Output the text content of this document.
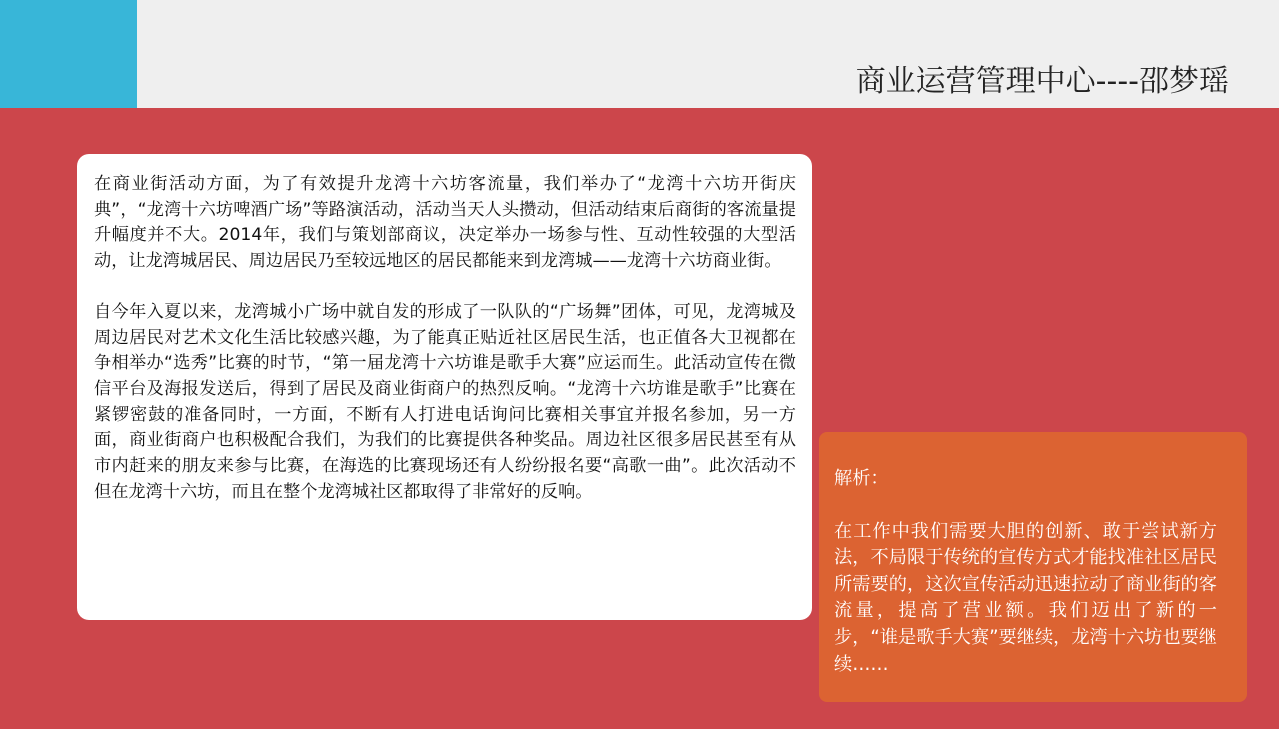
商业运营管理中心----邵梦瑶

在商业街活动方面，为了有效提升龙湾十六坊客流量，我们举办了“龙湾十六坊开街庆典”，“龙湾十六坊啤酒广场”等路演活动，活动当天人头攒动，但活动结束后商街的客流量提升幅度并不大。2014年，我们与策划部商议，决定举办一场参与性、互动性较强的大型活动，让龙湾城居民、周边居民乃至较远地区的居民都能来到龙湾城——龙湾十六坊商业街。

自今年入夏以来，龙湾城小广场中就自发的形成了一队队的“广场舞”团体，可见，龙湾城及周边居民对艺术文化生活比较感兴趣，为了能真正贴近社区居民生活，也正值各大卫视都在争相举办“选秀”比赛的时节，“第一届龙湾十六坊谁是歌手大赛”应运而生。此活动宣传在微信平台及海报发送后，得到了居民及商业街商户的热烈反响。“龙湾十六坊谁是歌手”比赛在紧锣密鼓的准备同时，一方面，不断有人打进电话询问比赛相关事宜并报名参加，另一方面，商业街商户也积极配合我们，为我们的比赛提供各种奖品。周边社区很多居民甚至有从市内赶来的朋友来参与比赛，在海选的比赛现场还有人纷纷报名要“高歌一曲”。此次活动不但在龙湾十六坊，而且在整个龙湾城社区都取得了非常好的反响。

解析：

在工作中我们需要大胆的创新、敢于尝试新方法，不局限于传统的宣传方式才能找准社区居民所需要的，这次宣传活动迅速拉动了商业街的客流量，提高了营业额。我们迈出了新的一步，“谁是歌手大赛”要继续，龙湾十六坊也要继续……
